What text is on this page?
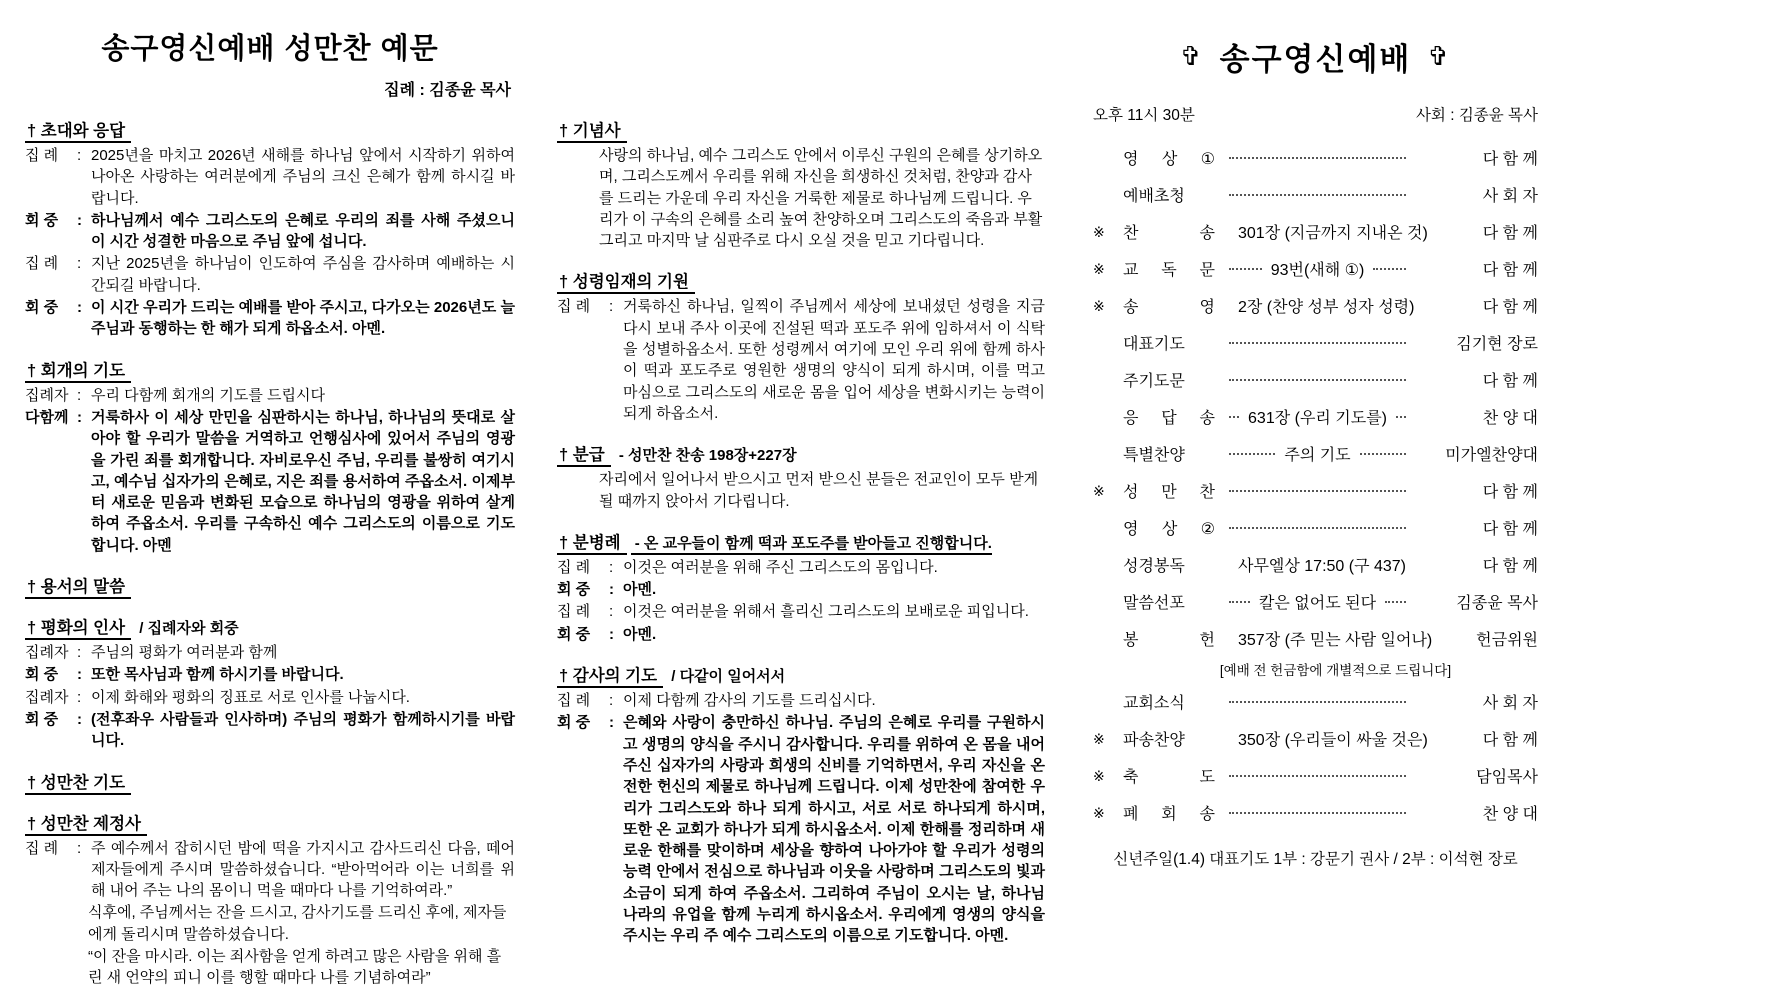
송구영신예배 성만찬 예문
집례 : 김종윤 목사
† 초대와 응답
집 례	: 2025년을 마치고 2026년 새해를 하나님 앞에서 시작하기 위하여 나아온 사랑하는 여러분에게 주님의 크신 은혜가 함께 하시길 바랍니다.
회 중	: 하나님께서 예수 그리스도의 은혜로 우리의 죄를 사해 주셨으니 이 시간 성결한 마음으로 주님 앞에 섭니다.
집 례	: 지난 2025년을 하나님이 인도하여 주심을 감사하며 예배하는 시간되길 바랍니다.
회 중	: 이 시간 우리가 드리는 예배를 받아 주시고, 다가오는 2026년도 늘 주님과 동행하는 한 해가 되게 하옵소서. 아멘.
† 회개의 기도
집례자 : 우리 다함께 회개의 기도를 드립시다
다함께 : 거룩하사 이 세상 만민을 심판하시는 하나님, 하나님의 뜻대로 살아야 할 우리가 말씀을 거역하고 언행심사에 있어서 주님의 영광을 가린 죄를 회개합니다. 자비로우신 주님, 우리를 불쌍히 여기시고, 예수님 십자가의 은혜로, 지은 죄를 용서하여 주옵소서. 이제부터 새로운 믿음과 변화된 모습으로 하나님의 영광을 위하여 살게 하여 주옵소서. 우리를 구속하신 예수 그리스도의 이름으로 기도합니다. 아멘
† 용서의 말씀
† 평화의 인사 / 집례자와 회중
집례자 : 주님의 평화가 여러분과 함께
회 중	: 또한 목사님과 함께 하시기를 바랍니다.
집례자 : 이제 화해와 평화의 징표로 서로 인사를 나눕시다.
회 중	: (전후좌우 사람들과 인사하며) 주님의 평화가 함께하시기를 바랍니다.
† 성만찬 기도
† 성만찬 제정사
집 례	: 주 예수께서 잡히시던 밤에 떡을 가지시고 감사드리신 다음, 떼어 제자들에게 주시며 말씀하셨습니다. “받아먹어라 이는 너희를 위해 내어 주는 나의 몸이니 먹을 때마다 나를 기억하여라.”
식후에, 주님께서는 잔을 드시고, 감사기도를 드리신 후에, 제자들에게 돌리시며 말씀하셨습니다.
“이 잔을 마시라. 이는 죄사함을 얻게 하려고 많은 사람을 위해 흘린 새 언약의 피니 이를 행할 때마다 나를 기념하여라”
† 기념사
사랑의 하나님, 예수 그리스도 안에서 이루신 구원의 은혜를 상기하오며, 그리스도께서 우리를 위해 자신을 희생하신 것처럼, 찬양과 감사를 드리는 가운데 우리 자신을 거룩한 제물로 하나님께 드립니다. 우리가 이 구속의 은혜를 소리 높여 찬양하오며 그리스도의 죽음과 부활 그리고 마지막 날 심판주로 다시 오실 것을 믿고 기다립니다.
† 성령임재의 기원
집 례	: 거룩하신 하나님, 일찍이 주님께서 세상에 보내셨던 성령을 지금 다시 보내 주사 이곳에 진설된 떡과 포도주 위에 임하셔서 이 식탁을 성별하옵소서. 또한 성령께서 여기에 모인 우리 위에 함께 하사 이 떡과 포도주로 영원한 생명의 양식이 되게 하시며, 이를 먹고 마심으로 그리스도의 새로운 몸을 입어 세상을 변화시키는 능력이 되게 하옵소서.
† 분급 - 성만찬 찬송 198장+227장
자리에서 일어나서 받으시고 먼저 받으신 분들은 전교인이 모두 받게 될 때까지 앉아서 기다립니다.
† 분병례 - 온 교우들이 함께 떡과 포도주를 받아들고 진행합니다.
집 례	: 이것은 여러분을 위해 주신 그리스도의 몸입니다.
회 중	: 아멘.
집 례	: 이것은 여러분을 위해서 흘리신 그리스도의 보배로운 피입니다.
회 중	: 아멘.
† 감사의 기도 / 다같이 일어서서
집 례	: 이제 다함께 감사의 기도를 드리십시다.
회 중	: 은혜와 사랑이 충만하신 하나님. 주님의 은혜로 우리를 구원하시고 생명의 양식을 주시니 감사합니다. 우리를 위하여 온 몸을 내어주신 십자가의 사랑과 희생의 신비를 기억하면서, 우리 자신을 온전한 헌신의 제물로 하나님께 드립니다. 이제 성만찬에 참여한 우리가 그리스도와 하나 되게 하시고, 서로 서로 하나되게 하시며, 또한 온 교회가 하나가 되게 하시옵소서. 이제 한해를 정리하며 새로운 한해를 맞이하며 세상을 향하여 나아가야 할 우리가 성령의 능력 안에서 전심으로 하나님과 이웃을 사랑하며 그리스도의 빛과 소금이 되게 하여 주옵소서. 그리하여 주님이 오시는 날, 하나님 나라의 유업을 함께 누리게 하시옵소서. 우리에게 영생의 양식을 주시는 우리 주 예수 그리스도의 이름으로 기도합니다. 아멘.
✞ 송구영신예배 ✞
오후 11시 30분	사회 : 김종윤 목사
영 상 ①	다 함 께
예배초청	사 회 자
※	찬 송 301장 (지금까지 지내온 것)	다 함 께
※	교 독 문	93번(새해 ①)	다 함 께
※	송 영 2장 (찬양 성부 성자 성령)	다 함 께
대표기도	김기현 장로
주기도문	다 함 께
응 답 송 631장 (우리 기도를)	찬 양 대
특별찬양	주의 기도	미가엘찬양대
※	성 만 찬	다 함 께
영 상 ②	다 함 께
성경봉독	사무엘상 17:50 (구 437)	다 함 께
말씀선포	칼은 없어도 된다	김종윤 목사
봉 헌 357장 (주 믿는 사람 일어나)	헌금위원
[예배 전 헌금함에 개별적으로 드립니다]
교회소식	사 회 자
※	파송찬양	350장 (우리들이 싸울 것은)	다 함 께
※	축 도	담임목사
※	폐 회 송	찬 양 대
신년주일(1.4) 대표기도 1부 : 강문기 권사 / 2부 : 이석현 장로
